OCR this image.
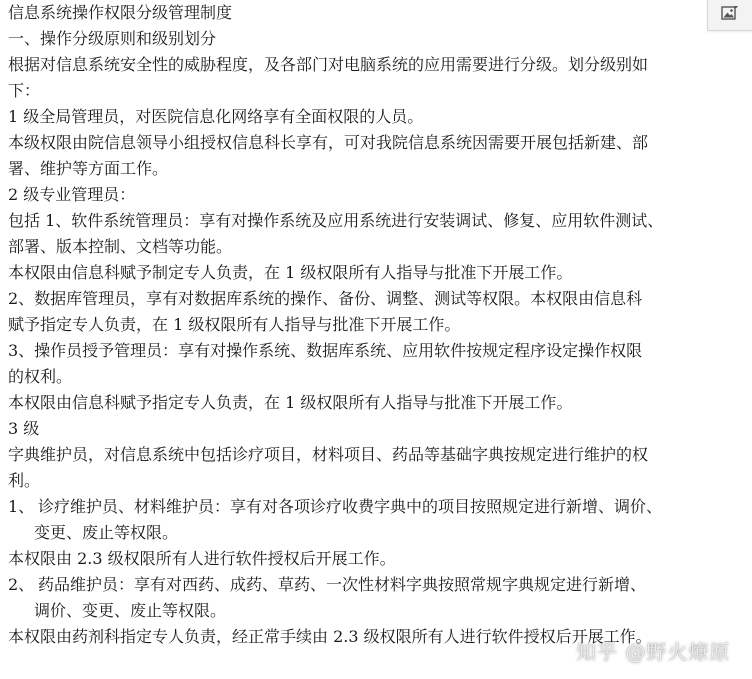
信息系统操作权限分级管理制度
一、操作分级原则和级别划分
根据对信息系统安全性的威胁程度，及各部门对电脑系统的应用需要进行分级。划分级别如
下：
1 级全局管理员，对医院信息化网络享有全面权限的人员。
本级权限由院信息领导小组授权信息科长享有，可对我院信息系统因需要开展包括新建、部
署、维护等方面工作。
2 级专业管理员：
包括 1、软件系统管理员：享有对操作系统及应用系统进行安装调试、修复、应用软件测试、
部署、版本控制、文档等功能。
本权限由信息科赋予制定专人负责，在 1 级权限所有人指导与批准下开展工作。
2、数据库管理员，享有对数据库系统的操作、备份、调整、测试等权限。本权限由信息科
赋予指定专人负责，在 1 级权限所有人指导与批准下开展工作。
3、操作员授予管理员：享有对操作系统、数据库系统、应用软件按规定程序设定操作权限
的权利。
本权限由信息科赋予指定专人负责，在 1 级权限所有人指导与批准下开展工作。
3 级
字典维护员，对信息系统中包括诊疗项目，材料项目、药品等基础字典按规定进行维护的权
利。
1、 诊疗维护员、材料维护员：享有对各项诊疗收费字典中的项目按照规定进行新增、调价、
变更、废止等权限。
本权限由 2.3 级权限所有人进行软件授权后开展工作。
2、 药品维护员：享有对西药、成药、草药、一次性材料字典按照常规字典规定进行新增、
调价、变更、废止等权限。
本权限由药剂科指定专人负责，经正常手续由 2.3 级权限所有人进行软件授权后开展工作。
知乎 @野火燎原
